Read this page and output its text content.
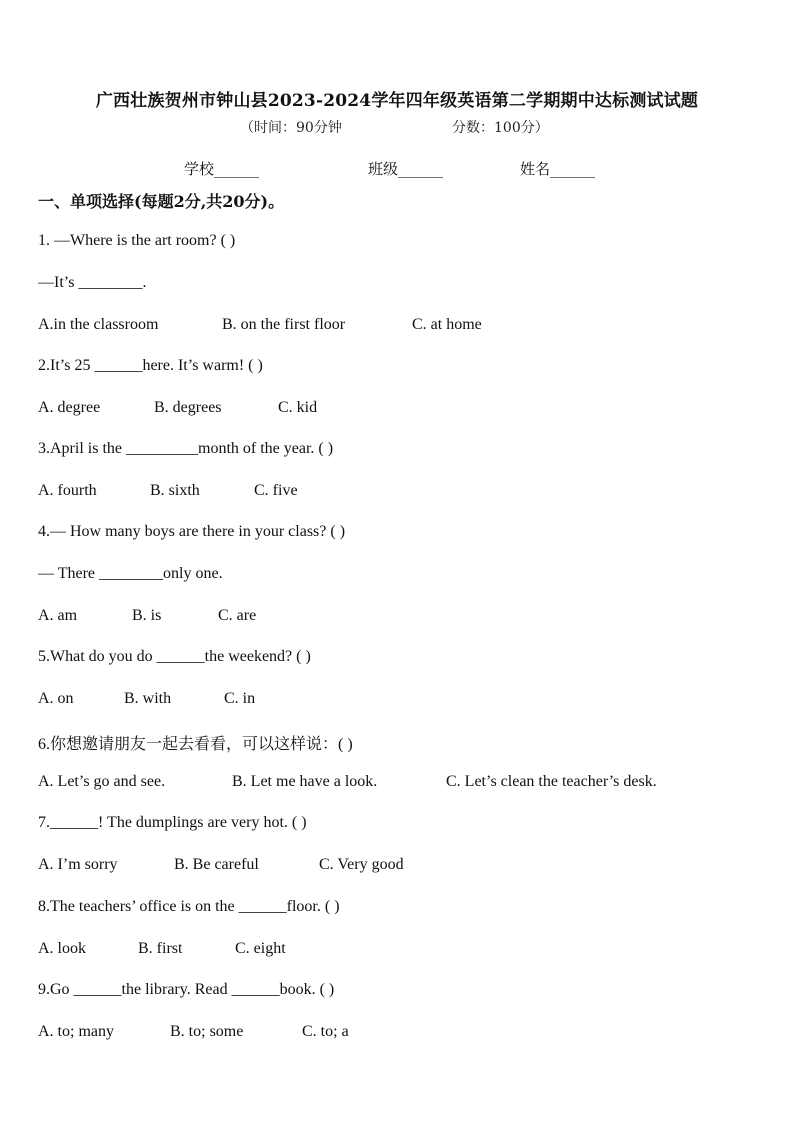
广西壮族贺州市钟山县2023-2024学年四年级英语第二学期期中达标测试试题
（时间：90分钟	分数：100分）
学校______	班级______	姓名______
一、单项选择(每题2分,共20分)。
1. —Where is the art room? ( )
—It’s ________.
A.in the classroom	B. on the first floor	C. at home
2.It’s 25 ______here. It’s warm! ( )
A. degree	B. degrees	C. kid
3.April is the _________month of the year. ( )
A. fourth	B. sixth	C. five
4.— How many boys are there in your class? ( )
— There ________only one.
A. am	B. is	C. are
5.What do you do ______the weekend? ( )
A. on	B. with	C. in
6.你想邀请朋友一起去看看，可以这样说：( )
A. Let’s go and see.	B. Let me have a look.	C. Let’s clean the teacher’s desk.
7.______! The dumplings are very hot. ( )
A. I’m sorry	B. Be careful	C. Very good
8.The teachers’ office is on the ______floor. ( )
A. look	B. first	C. eight
9.Go ______the library. Read ______book. ( )
A. to; many	B. to; some	C. to; a
